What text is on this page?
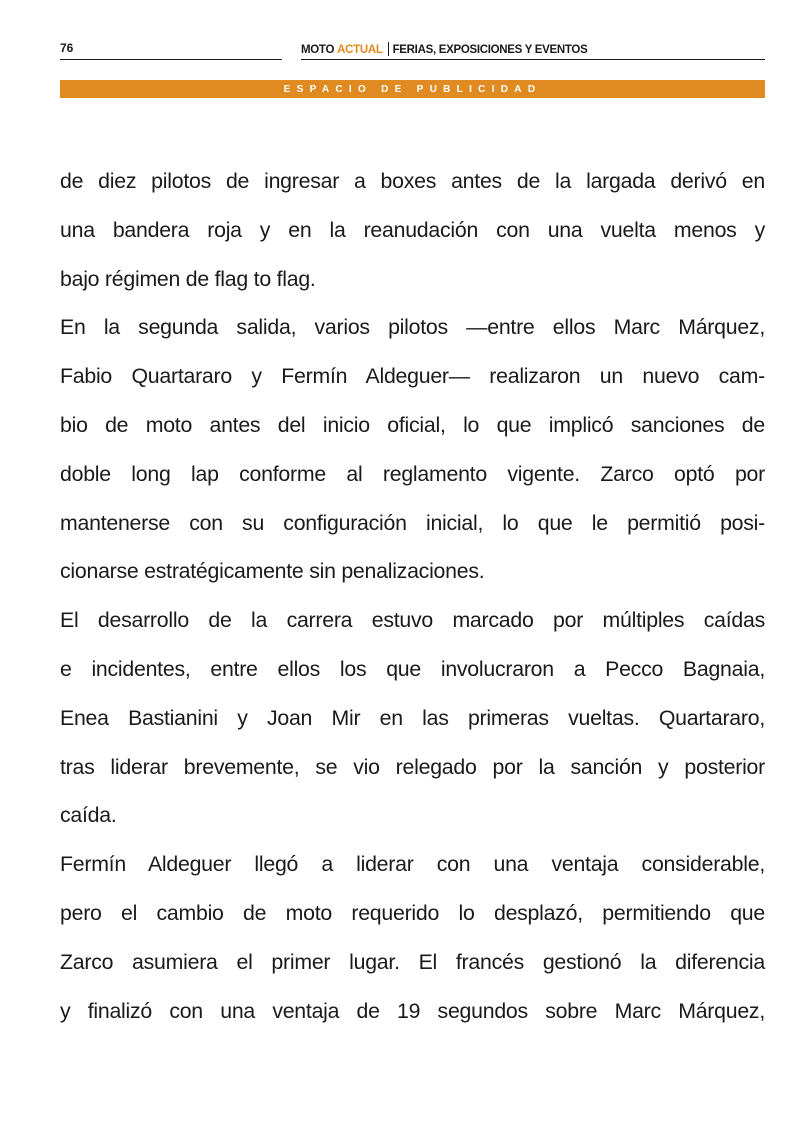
76	MOTO ACTUAL FERIAS, EXPOSICIONES Y EVENTOS
ESPACIO DE PUBLICIDAD
de diez pilotos de ingresar a boxes antes de la largada derivó en
una bandera roja y en la reanudación con una vuelta menos y
bajo régimen de flag to flag.
En la segunda salida, varios pilotos —entre ellos Marc Márquez,
Fabio Quartararo y Fermín Aldeguer— realizaron un nuevo cam-
bio de moto antes del inicio oficial, lo que implicó sanciones de
doble long lap conforme al reglamento vigente. Zarco optó por
mantenerse con su configuración inicial, lo que le permitió posi-
cionarse estratégicamente sin penalizaciones.
El desarrollo de la carrera estuvo marcado por múltiples caídas
e incidentes, entre ellos los que involucraron a Pecco Bagnaia,
Enea Bastianini y Joan Mir en las primeras vueltas. Quartararo,
tras liderar brevemente, se vio relegado por la sanción y posterior
caída.
Fermín Aldeguer llegó a liderar con una ventaja considerable,
pero el cambio de moto requerido lo desplazó, permitiendo que
Zarco asumiera el primer lugar. El francés gestionó la diferencia
y finalizó con una ventaja de 19 segundos sobre Marc Márquez,
